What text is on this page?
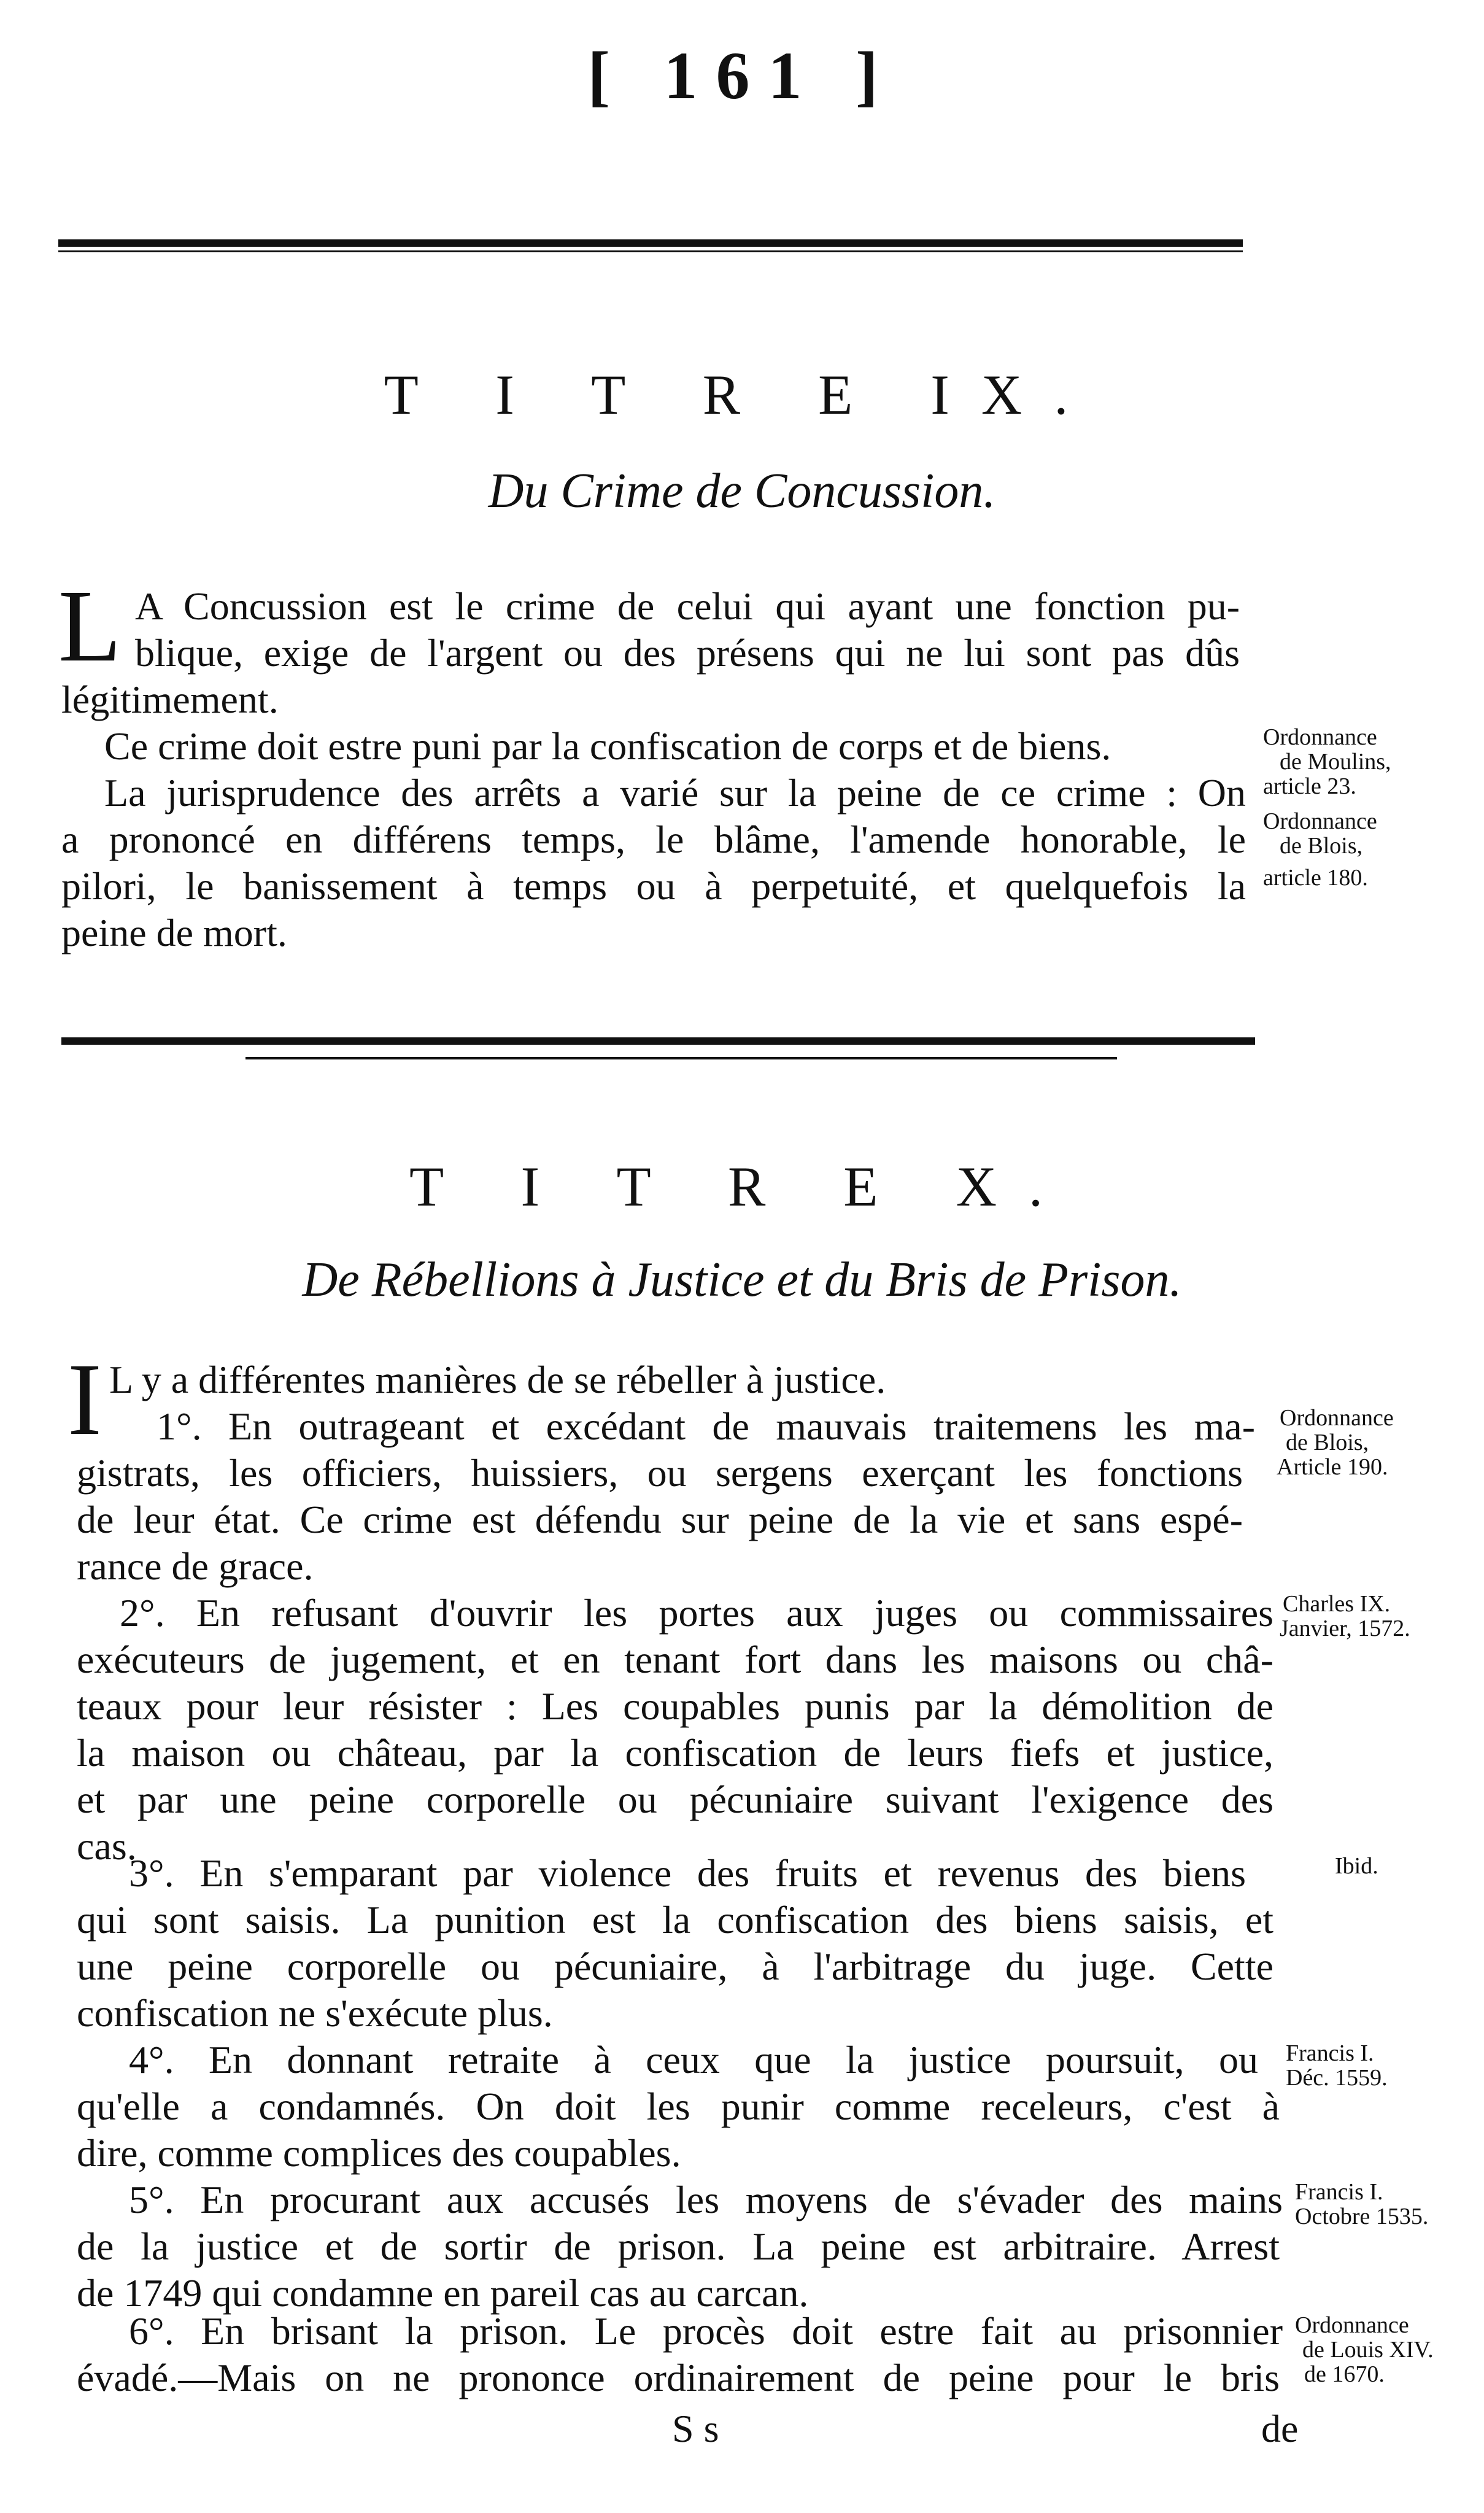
[ 161 ]
T I T R E IX.
Du Crime de Concussion.
L A Concussion est le crime de celui qui ayant une fonction pu-
blique, exige de l'argent ou des présens qui ne lui sont pas dûs
légitimement.
Ce crime doit estre puni par la confiscation de corps et de biens.
La jurisprudence des arrêts a varié sur la peine de ce crime : On
a prononcé en différens temps, le blâme, l'amende honorable, le
pilori, le banissement à temps ou à perpetuité, et quelquefois la
peine de mort.
Ordonnance
de Moulins,
article 23.
Ordonnance
de Blois,
article 180.
T I T R E X.
De Rébellions à Justice et du Bris de Prison.
I L y a différentes manières de se rébeller à justice.
1°. En outrageant et excédant de mauvais traitemens les ma-
gistrats, les officiers, huissiers, ou sergens exerçant les fonctions
de leur état. Ce crime est défendu sur peine de la vie et sans espé-
rance de grace.
2°. En refusant d'ouvrir les portes aux juges ou commissaires
exécuteurs de jugement, et en tenant fort dans les maisons ou châ-
teaux pour leur résister : Les coupables punis par la démolition de
la maison ou château, par la confiscation de leurs fiefs et justice,
et par une peine corporelle ou pécuniaire suivant l'exigence des
cas.
3°. En s'emparant par violence des fruits et revenus des biens
qui sont saisis. La punition est la confiscation des biens saisis, et
une peine corporelle ou pécuniaire, à l'arbitrage du juge. Cette
confiscation ne s'exécute plus.
4°. En donnant retraite à ceux que la justice poursuit, ou
qu'elle a condamnés. On doit les punir comme receleurs, c'est à
dire, comme complices des coupables.
5°. En procurant aux accusés les moyens de s'évader des mains
de la justice et de sortir de prison. La peine est arbitraire. Arrest
de 1749 qui condamne en pareil cas au carcan.
6°. En brisant la prison. Le procès doit estre fait au prisonnier
évadé.—Mais on ne prononce ordinairement de peine pour le bris
Ordonnance
de Blois,
Article 190.
Charles IX.
Janvier, 1572.
Ibid.
Francis I.
Déc. 1559.
Francis I.
Octobre 1535.
Ordonnance
de Louis XIV.
de 1670.
S s	de
